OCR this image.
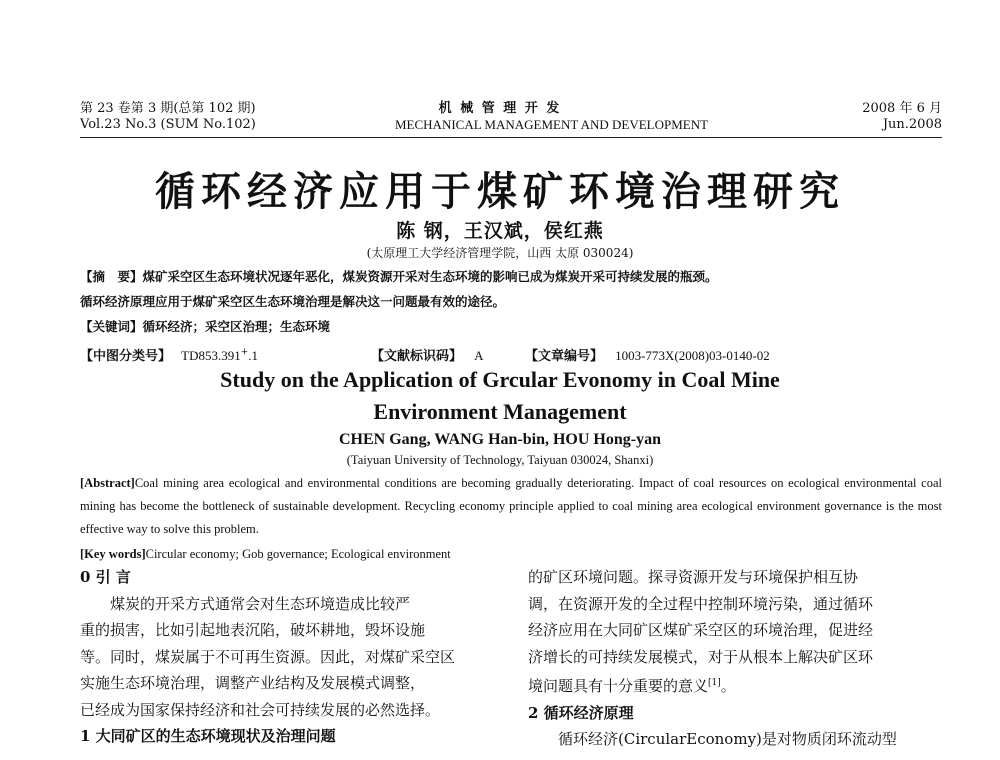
第 23 卷第 3 期(总第 102 期)
Vol.23 No.3 (SUM No.102)
机 械 管 理 开 发
MECHANICAL MANAGEMENT AND DEVELOPMENT
2008 年 6 月
Jun.2008
循环经济应用于煤矿环境治理研究
陈 钢，王汉斌，侯红燕
(太原理工大学经济管理学院，山西 太原 030024)
【摘　要】煤矿采空区生态环境状况逐年恶化，煤炭资源开采对生态环境的影响已成为煤炭开采可持续发展的瓶颈。
循环经济原理应用于煤矿采空区生态环境治理是解决这一问题最有效的途径。
【关键词】循环经济；采空区治理；生态环境
【中图分类号】 TD853.391+.1	【文献标识码】 A	【文章编号】 1003-773X(2008)03-0140-02
Study on the Application of Grcular Evonomy in Coal Mine
Environment Management
CHEN Gang, WANG Han-bin, HOU Hong-yan
(Taiyuan University of Technology, Taiyuan 030024, Shanxi)
[Abstract]Coal mining area ecological and environmental conditions are becoming gradually deteriorating. Impact of coal resources on ecological environmental coal mining has become the bottleneck of sustainable development. Recycling economy principle applied to coal mining area ecological environment governance is the most effective way to solve this problem.
[Key words]Circular economy; Gob governance; Ecological environment
0 引 言
煤炭的开采方式通常会对生态环境造成比较严
重的损害，比如引起地表沉陷，破坏耕地，毁坏设施
等。同时，煤炭属于不可再生资源。因此，对煤矿采空区
实施生态环境治理，调整产业结构及发展模式调整，
已经成为国家保持经济和社会可持续发展的必然选择。
1 大同矿区的生态环境现状及治理问题
的矿区环境问题。探寻资源开发与环境保护相互协
调，在资源开发的全过程中控制环境污染，通过循环
经济应用在大同矿区煤矿采空区的环境治理，促进经
济增长的可持续发展模式，对于从根本上解决矿区环
境问题具有十分重要的意义[1]。
2 循环经济原理
循环经济(CircularEconomy)是对物质闭环流动型
